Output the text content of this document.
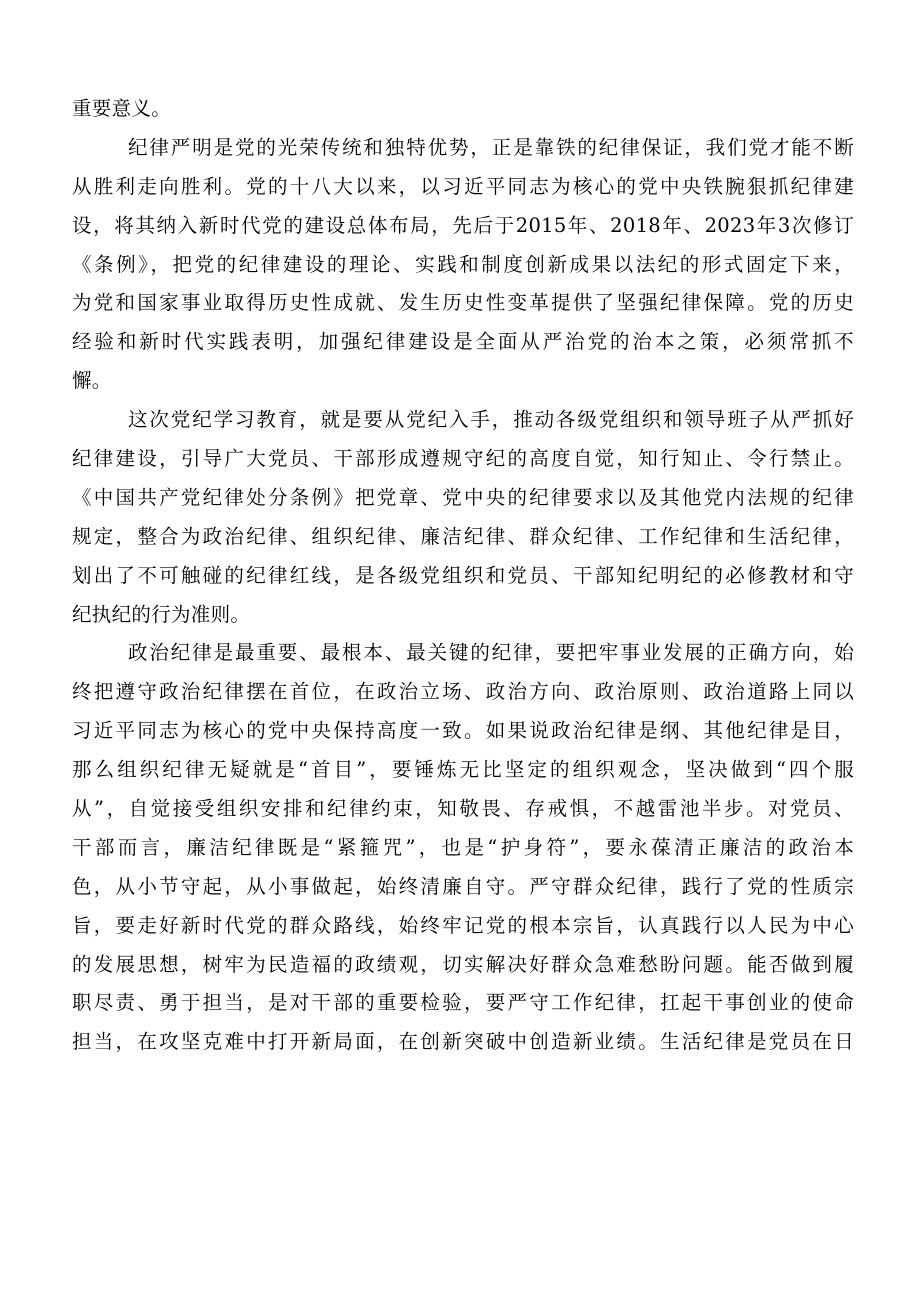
重要意义。
纪律严明是党的光荣传统和独特优势，正是靠铁的纪律保证，我们党才能不断
从胜利走向胜利。党的十八大以来，以习近平同志为核心的党中央铁腕狠抓纪律建
设，将其纳入新时代党的建设总体布局，先后于2015年、2018年、2023年3次修订
《条例》，把党的纪律建设的理论、实践和制度创新成果以法纪的形式固定下来，
为党和国家事业取得历史性成就、发生历史性变革提供了坚强纪律保障。党的历史
经验和新时代实践表明，加强纪律建设是全面从严治党的治本之策，必须常抓不
懈。
这次党纪学习教育，就是要从党纪入手，推动各级党组织和领导班子从严抓好
纪律建设，引导广大党员、干部形成遵规守纪的高度自觉，知行知止、令行禁止。
《中国共产党纪律处分条例》把党章、党中央的纪律要求以及其他党内法规的纪律
规定，整合为政治纪律、组织纪律、廉洁纪律、群众纪律、工作纪律和生活纪律，
划出了不可触碰的纪律红线，是各级党组织和党员、干部知纪明纪的必修教材和守
纪执纪的行为准则。
政治纪律是最重要、最根本、最关键的纪律，要把牢事业发展的正确方向，始
终把遵守政治纪律摆在首位，在政治立场、政治方向、政治原则、政治道路上同以
习近平同志为核心的党中央保持高度一致。如果说政治纪律是纲、其他纪律是目，
那么组织纪律无疑就是“首目”，要锤炼无比坚定的组织观念，坚决做到“四个服
从”，自觉接受组织安排和纪律约束，知敬畏、存戒惧，不越雷池半步。对党员、
干部而言，廉洁纪律既是“紧箍咒”，也是“护身符”，要永葆清正廉洁的政治本
色，从小节守起，从小事做起，始终清廉自守。严守群众纪律，践行了党的性质宗
旨，要走好新时代党的群众路线，始终牢记党的根本宗旨，认真践行以人民为中心
的发展思想，树牢为民造福的政绩观，切实解决好群众急难愁盼问题。能否做到履
职尽责、勇于担当，是对干部的重要检验，要严守工作纪律，扛起干事创业的使命
担当，在攻坚克难中打开新局面，在创新突破中创造新业绩。生活纪律是党员在日
